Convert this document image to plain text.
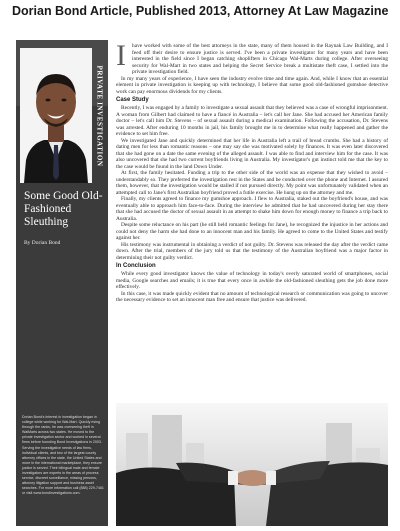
Dorian Bond Article, Published 2013, Attorney At Law Magazine
PRIVATE INVESTIGATION
Some Good Old-Fashioned Sleuthing
By Dorian Bond
Dorian Bond's interest in investigation began in college while working for Wal-Mart. Quickly rising through the ranks, he was overseeing theft in WalMarts across two states. He moved to the private investigation sector and worked in several firms before founding Bond Investigations in 2003. Serving the investigative needs of law firms, individual clients, and two of the largest county attorney offices in the state, the United States and more in the international marketplace, they ensure justice is served. Their bilingual male and female investigators are experts in the areas of process service, discreet surveillance, missing persons, attorney litigation support and business asset searches. For more information call (888) 229-7481 or visit www.bondinvestigations.com.
I	have worked with some of the best attorneys in the state, many of them housed in the Raynak Law Building, and I feed off their desire to ensure justice is served. I've been a private investigator for many years and have been interested in the field since I began catching shoplifters in Chicago Wal-Marts during college. After overseeing security for Wal-Mart in two states and helping the Secret Service break a multistate theft case, I settled into the private investigation field.

In my many years of experience, I have seen the industry evolve time and time again. And, while I know that an essential element in private investigation is keeping up with technology, I believe that some good old-fashioned gumshoe detective work can pay enormous dividends for my clients.

Case Study

Recently, I was engaged by a family to investigate a sexual assault that they believed was a case of wrongful imprisonment. A woman from Gilbert had claimed to have a fiancé in Australia – let's call her Jane. She had accused her American family doctor – let's call him Dr. Stevens – of sexual assault during a medical examination. Following the accusation, Dr. Stevens was arrested. After enduring 10 months in jail, his family brought me in to determine what really happened and gather the evidence to set him free.

We investigated Jane and quickly determined that her life in Australia left a trail of bread crumbs. She had a history of dating men for less than romantic reasons – one may say she was motivated solely by finances. It was even later discovered that she had gone on a date the same evening of the alleged assault. I was able to find and interview him for the case. It was also uncovered that she had two current boyfriends living in Australia. My investigator's gut instinct told me that the key to the case would be found in the land Down Under.

At first, the family hesitated. Funding a trip to the other side of the world was an expense that they wished to avoid – understandably so. They preferred the investigation rest in the States and be conducted over the phone and Internet. I assured them, however, that the investigation would be stalled if not pursued directly. My point was unfortunately validated when an attempted call to Jane's first Australian boyfriend proved a futile exercise. He hung up on the attorney and me.

Finally, my clients agreed to finance my gumshoe approach. I flew to Australia, staked out the boyfriend's house, and was eventually able to approach him face-to-face. During the interview he admitted that he had uncovered during her stay there that she had accused the doctor of sexual assault in an attempt to shake him down for enough money to finance a trip back to Australia.

Despite some reluctance on his part (he still held romantic feelings for Jane), he recognized the injustice in her actions and could not deny the harm she had done to an innocent man and his family. He agreed to come to the United States and testify against her.

His testimony was instrumental in obtaining a verdict of not guilty. Dr. Stevens was released the day after the verdict came down. After the trial, members of the jury told us that the testimony of the Australian boyfriend was a major factor in determining their not guilty verdict.

In Conclusion

While every good investigator knows the value of technology in today's overly saturated world of smartphones, social media, Google searches and emails; it is true that every once in awhile the old-fashioned sleuthing gets the job done more effectively.

In this case, it was made quickly evident that no amount of technological research or communication was going to uncover the necessary evidence to set an innocent man free and ensure that justice was delivered.
